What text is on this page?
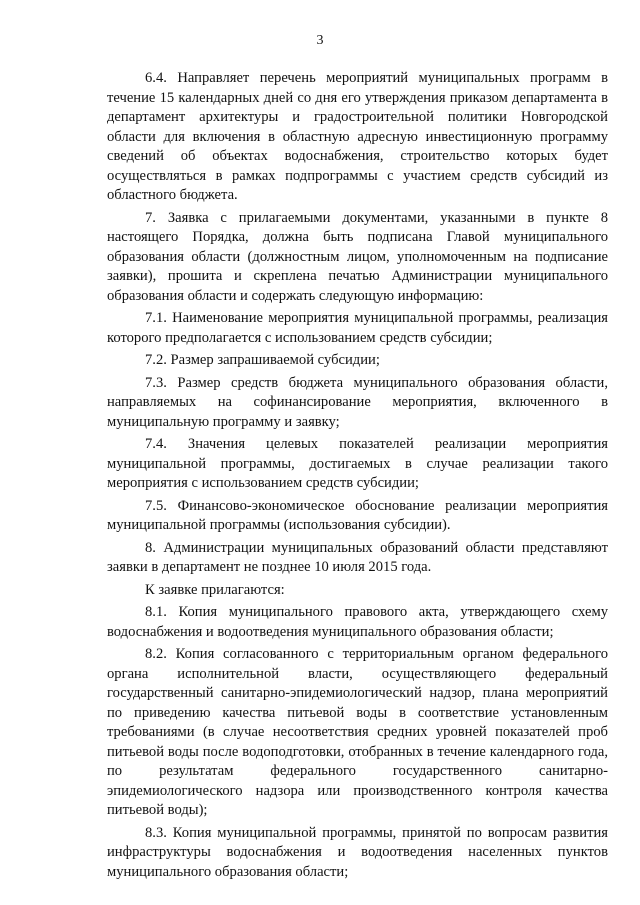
3

6.4. Направляет перечень мероприятий муниципальных программ в течение 15 календарных дней со дня его утверждения приказом департамента в департамент архитектуры и градостроительной политики Новгородской области для включения в областную адресную инвестиционную программу сведений об объектах водоснабжения, строительство которых будет осуществляться в рамках подпрограммы с участием средств субсидий из областного бюджета.

7. Заявка с прилагаемыми документами, указанными в пункте 8 настоящего Порядка, должна быть подписана Главой муниципального образования области (должностным лицом, уполномоченным на подписание заявки), прошита и скреплена печатью Администрации муниципального образования области и содержать следующую информацию:

7.1. Наименование мероприятия муниципальной программы, реализация которого предполагается с использованием средств субсидии;

7.2. Размер запрашиваемой субсидии;

7.3. Размер средств бюджета муниципального образования области, направляемых на софинансирование мероприятия, включенного в муниципальную программу и заявку;

7.4. Значения целевых показателей реализации мероприятия муниципальной программы, достигаемых в случае реализации такого мероприятия с использованием средств субсидии;

7.5. Финансово-экономическое обоснование реализации мероприятия муниципальной программы (использования субсидии).

8. Администрации муниципальных образований области представляют заявки в департамент не позднее 10 июля 2015 года.

К заявке прилагаются:

8.1. Копия муниципального правового акта, утверждающего схему водоснабжения и водоотведения муниципального образования области;

8.2. Копия согласованного с территориальным органом федерального органа исполнительной власти, осуществляющего федеральный государственный санитарно-эпидемиологический надзор, плана мероприятий по приведению качества питьевой воды в соответствие установленным требованиями (в случае несоответствия средних уровней показателей проб питьевой воды после водоподготовки, отобранных в течение календарного года, по результатам федерального государственного санитарно-эпидемиологического надзора или производственного контроля качества питьевой воды);

8.3. Копия муниципальной программы, принятой по вопросам развития инфраструктуры водоснабжения и водоотведения населенных пунктов муниципального образования области;
